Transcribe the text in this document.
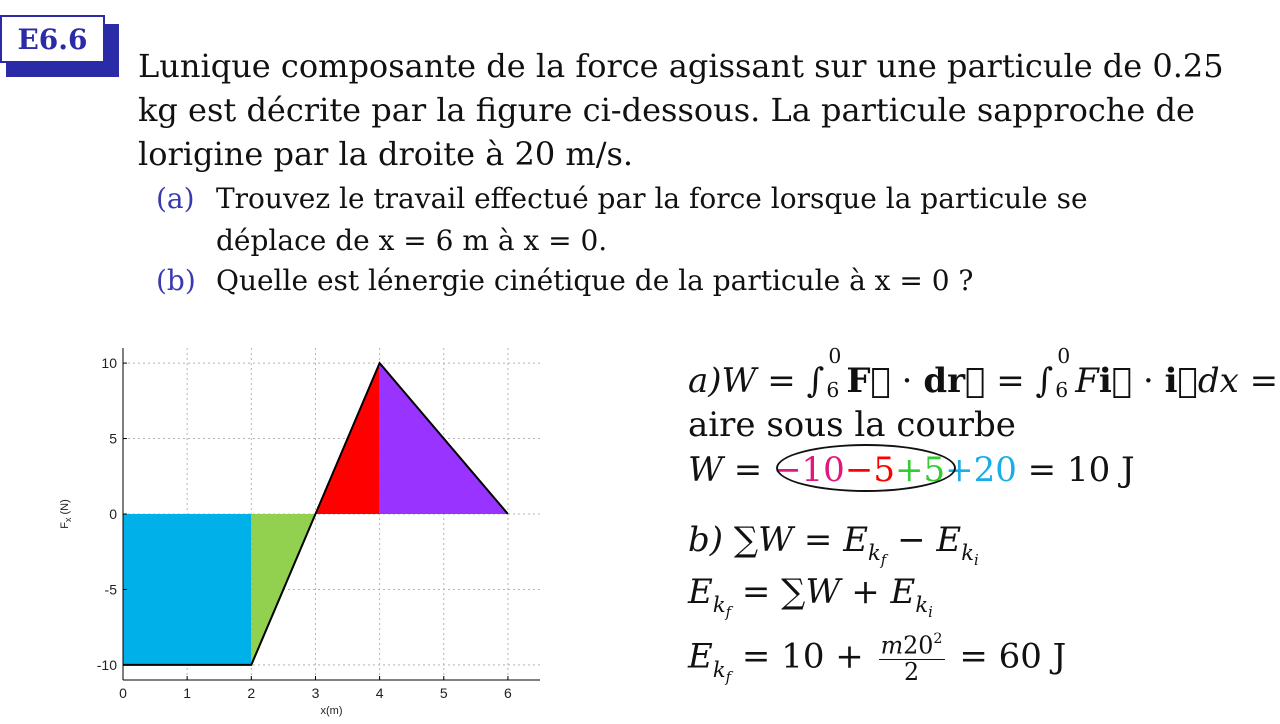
E6.6

Lunique composante de la force agissant sur une particule de 0.25 kg est décrite par la figure ci-dessous. La particule sapproche de lorigine par la droite à 20 m/s.

(a) Trouvez le travail effectué par la force lorsque la particule se déplace de x = 6 m à x = 0.
(b) Quelle est lénergie cinétique de la particule à x = 0 ?
0	1	2	3	4	5	6
10
5
0
-5
-10
x(m)
$F_x$ (N)
a)W = ∫
0
6 F⃗ · dr⃗ = ∫
0
6 Fi⃗ · i⃗dx =
aire sous la courbe
W = −10−5+5+20 = 10 J
b) $\sum W = E_{k_f} - E_{k_i}$
$E_{k_f} = \sum W + E_{k_i}$
$E_{k_f} = 10 + \frac{m20^2}{2} = 60$ J
